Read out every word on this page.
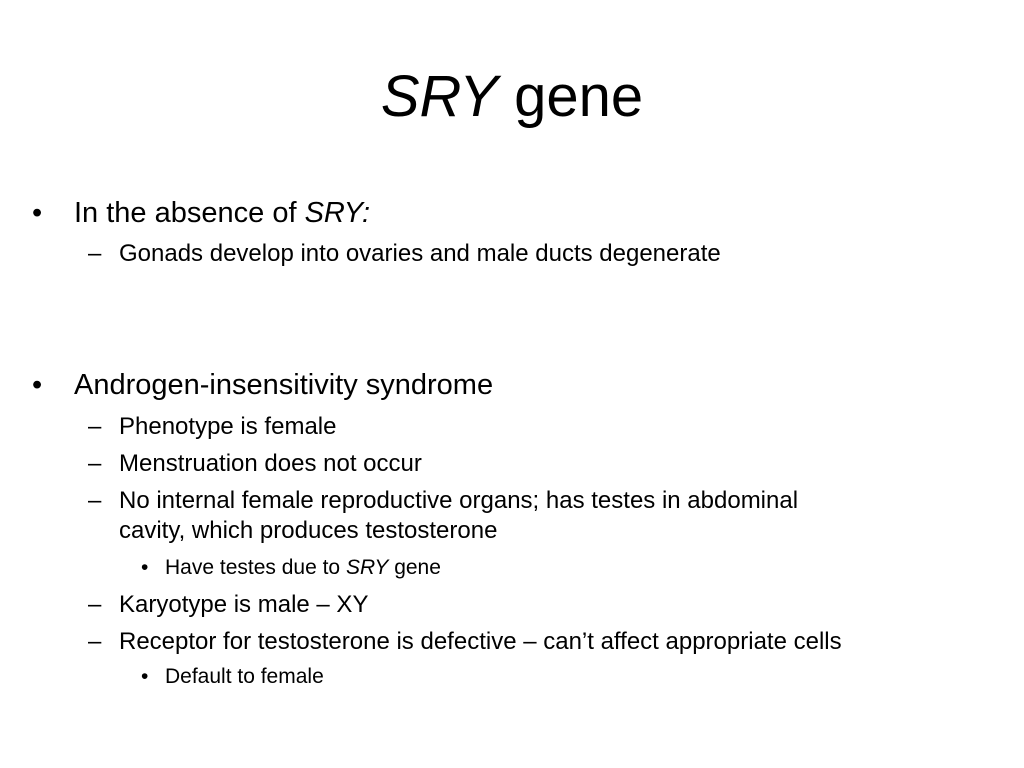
SRY gene
• In the absence of SRY:
– Gonads develop into ovaries and male ducts degenerate
• Androgen-insensitivity syndrome
– Phenotype is female
– Menstruation does not occur
– No internal female reproductive organs; has testes in abdominal
cavity, which produces testosterone
• Have testes due to SRY gene
– Karyotype is male – XY
– Receptor for testosterone is defective – can’t affect appropriate cells
• Default to female
